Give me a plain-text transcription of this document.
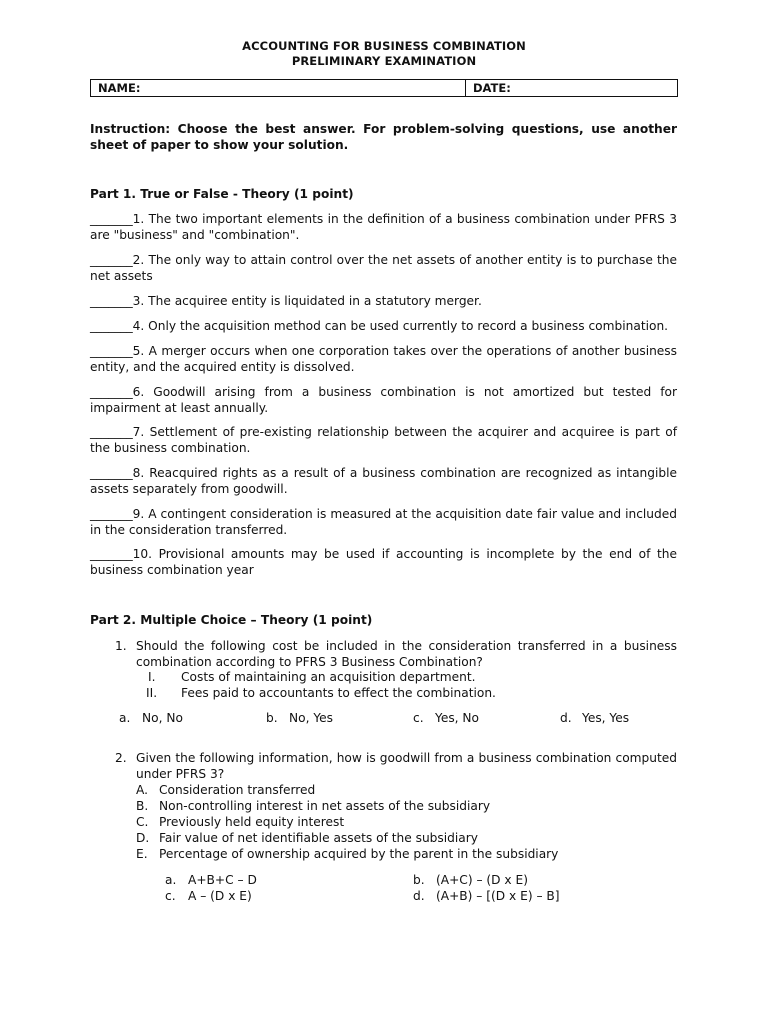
ACCOUNTING FOR BUSINESS COMBINATION
PRELIMINARY EXAMINATION
NAME:	DATE:
Instruction: Choose the best answer. For problem-solving questions, use another sheet of paper to show your solution.
Part 1. True or False - Theory (1 point)
_______1. The two important elements in the definition of a business combination under PFRS 3 are "business" and "combination".
_______2. The only way to attain control over the net assets of another entity is to purchase the net assets
_______3. The acquiree entity is liquidated in a statutory merger.
_______4. Only the acquisition method can be used currently to record a business combination.
_______5. A merger occurs when one corporation takes over the operations of another business entity, and the acquired entity is dissolved.
_______6. Goodwill arising from a business combination is not amortized but tested for impairment at least annually.
_______7. Settlement of pre-existing relationship between the acquirer and acquiree is part of the business combination.
_______8. Reacquired rights as a result of a business combination are recognized as intangible assets separately from goodwill.
_______9. A contingent consideration is measured at the acquisition date fair value and included in the consideration transferred.
_______10. Provisional amounts may be used if accounting is incomplete by the end of the business combination year
Part 2. Multiple Choice – Theory (1 point)
1. Should the following cost be included in the consideration transferred in a business combination according to PFRS 3 Business Combination?
I. Costs of maintaining an acquisition department.
II. Fees paid to accountants to effect the combination.
a. No, No	b. No, Yes	c. Yes, No	d. Yes, Yes
2. Given the following information, how is goodwill from a business combination computed under PFRS 3?
A. Consideration transferred
B. Non-controlling interest in net assets of the subsidiary
C. Previously held equity interest
D. Fair value of net identifiable assets of the subsidiary
E. Percentage of ownership acquired by the parent in the subsidiary
a. A+B+C – D	b. (A+C) – (D x E)
c. A – (D x E)	d. (A+B) – [(D x E) – B]
